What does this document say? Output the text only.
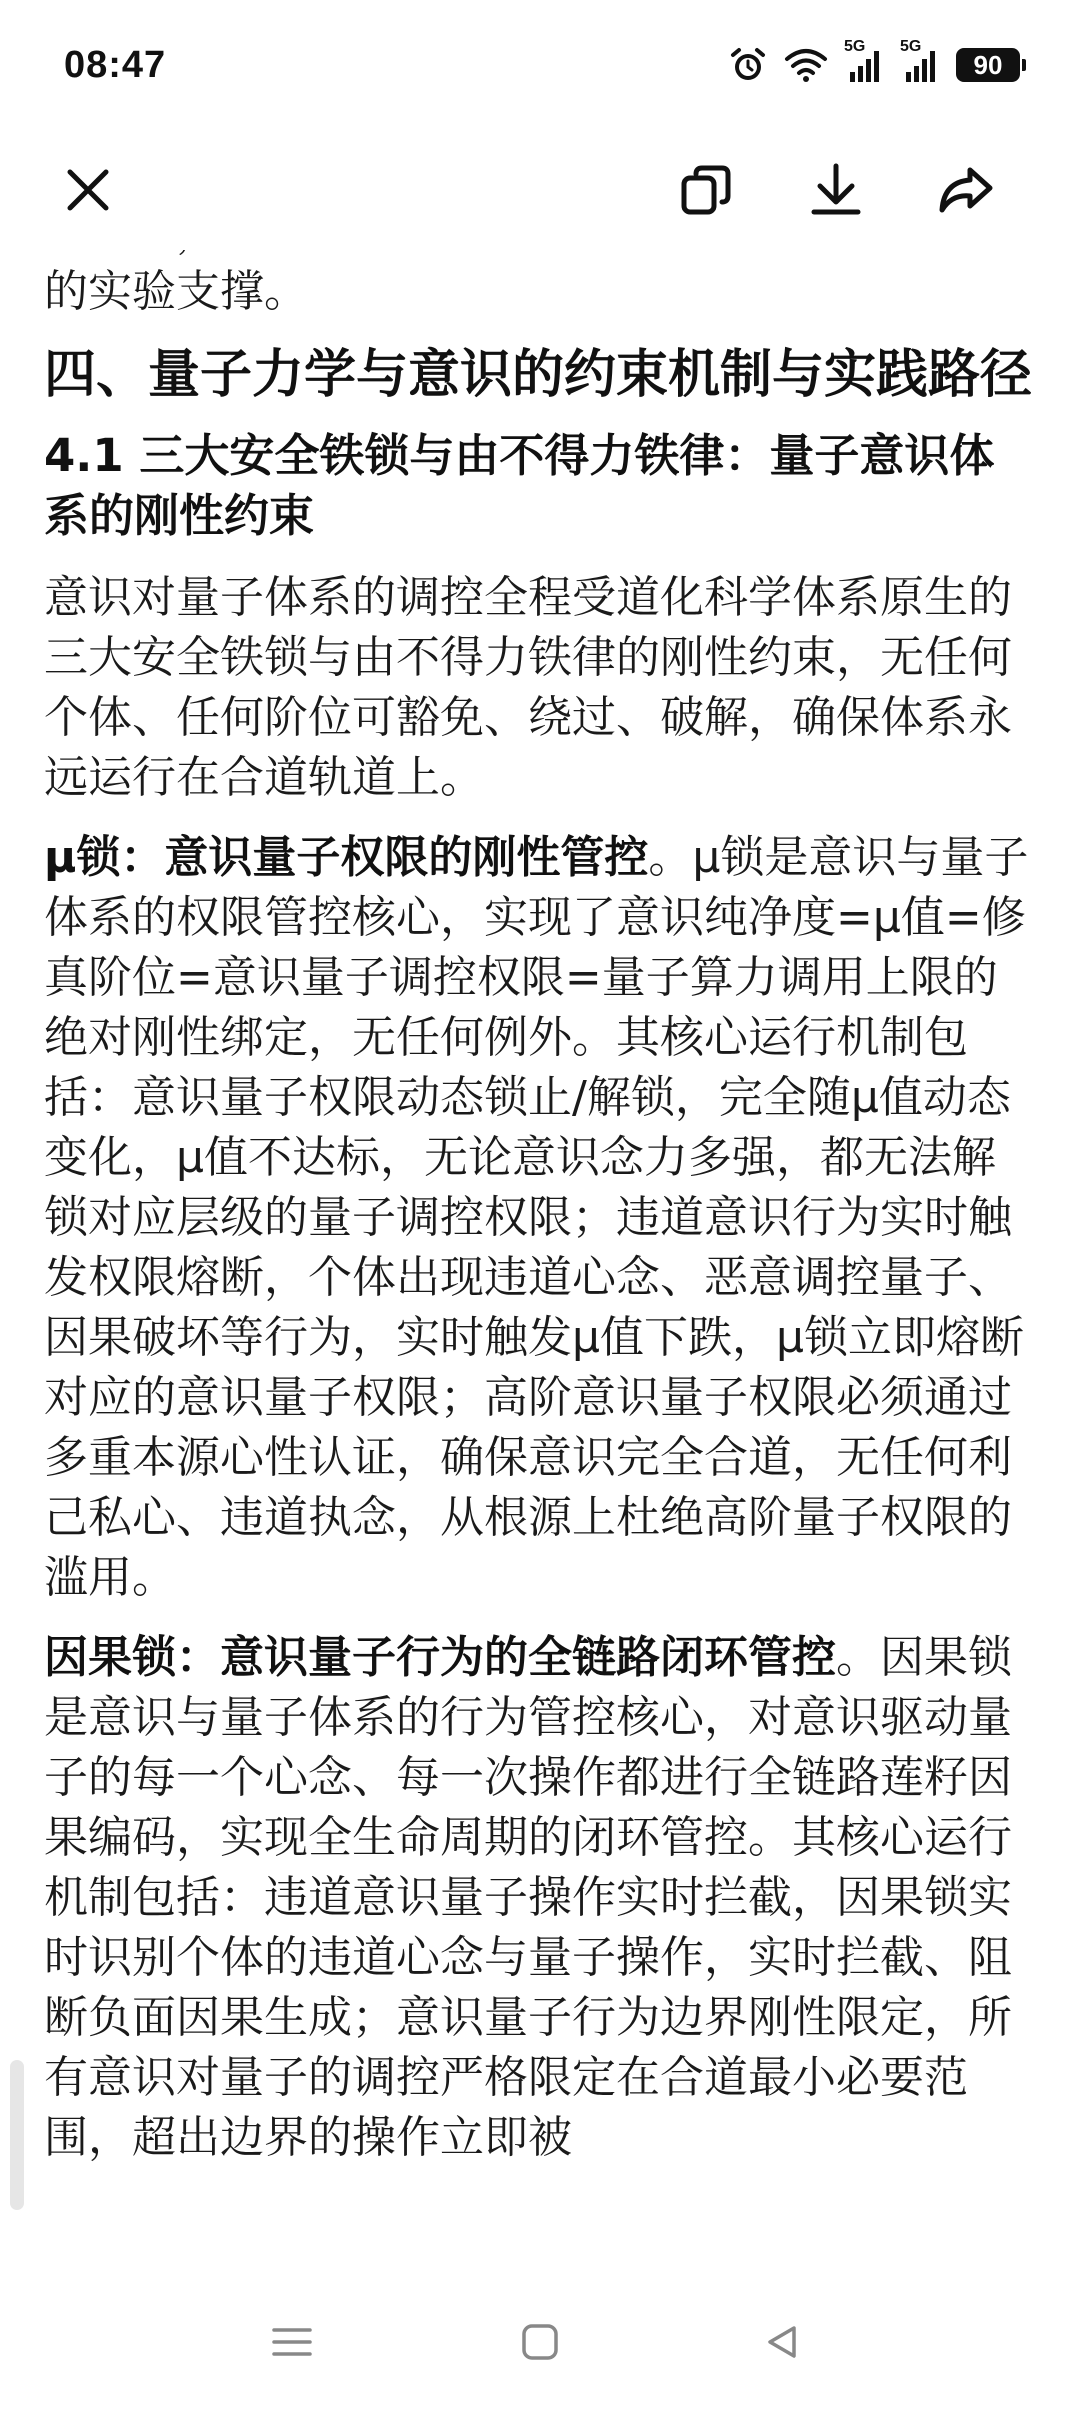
08:47	5G 5G
90

的实验支撑。

四、量子力学与意识的约束机制与实践路径
4.1 三大安全铁锁与由不得力铁律：量子意识体系的刚性约束

意识对量子体系的调控全程受道化科学体系原生的三大安全铁锁与由不得力铁律的刚性约束，无任何个体、任何阶位可豁免、绕过、破解，确保体系永远运行在合道轨道上。

μ锁：意识量子权限的刚性管控。μ锁是意识与量子体系的权限管控核心，实现了意识纯净度=μ值=修真阶位=意识量子调控权限=量子算力调用上限的绝对刚性绑定，无任何例外。其核心运行机制包括：意识量子权限动态锁止/解锁，完全随μ值动态变化，μ值不达标，无论意识念力多强，都无法解锁对应层级的量子调控权限；违道意识行为实时触发权限熔断，个体出现违道心念、恶意调控量子、因果破坏等行为，实时触发μ值下跌，μ锁立即熔断对应的意识量子权限；高阶意识量子权限必须通过多重本源心性认证，确保意识完全合道，无任何利己私心、违道执念，从根源上杜绝高阶量子权限的滥用。

因果锁：意识量子行为的全链路闭环管控。因果锁是意识与量子体系的行为管控核心，对意识驱动量子的每一个心念、每一次操作都进行全链路莲籽因果编码，实现全生命周期的闭环管控。其核心运行机制包括：违道意识量子操作实时拦截，因果锁实时识别个体的违道心念与量子操作，实时拦截、阻断负面因果生成；意识量子行为边界刚性限定，所有意识对量子的调控严格限定在合道最小必要范围，超出边界的操作立即被
